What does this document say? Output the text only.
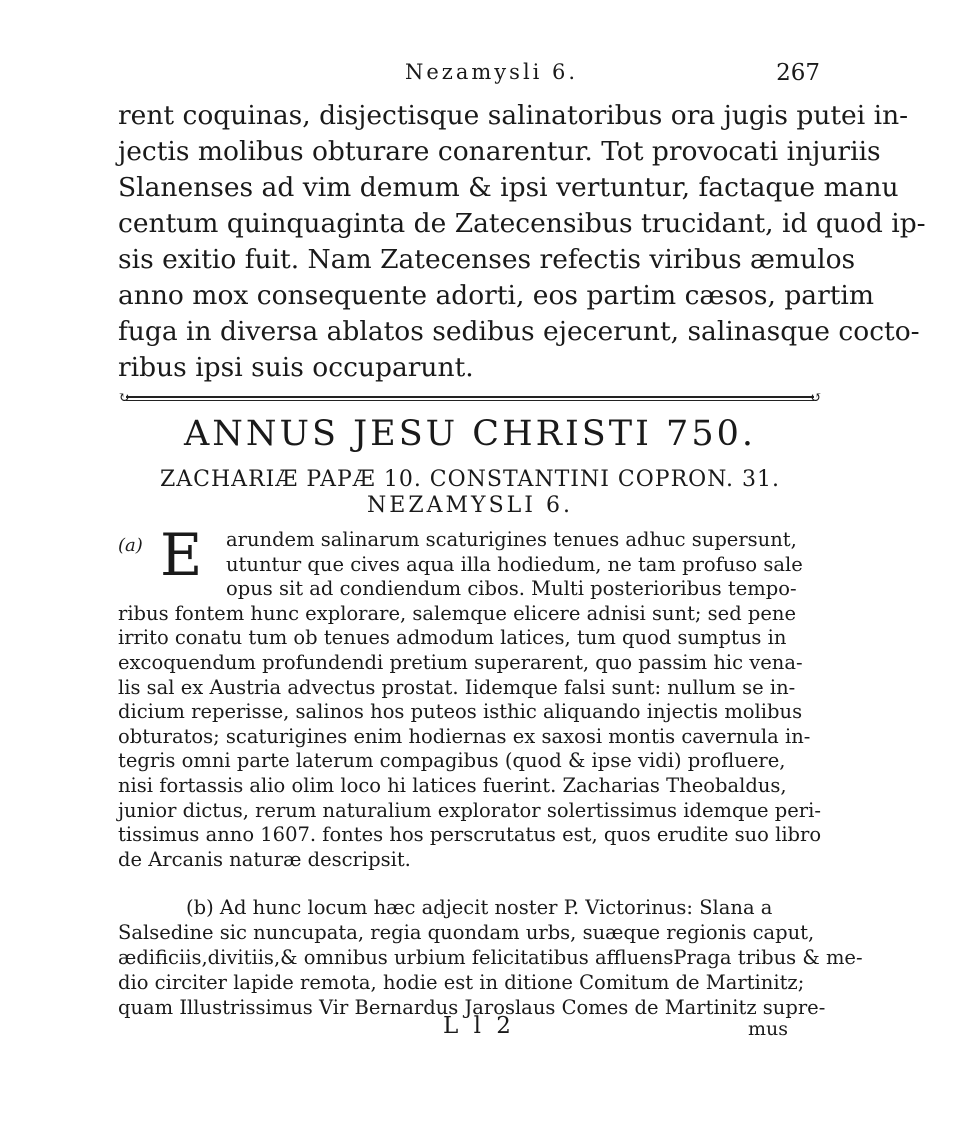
Nezamysli 6.	267

rent coquinas, disjectisque salinatoribus ora jugis putei in-
jectis molibus obturare conarentur. Tot provocati injuriis
Slanenses ad vim demum & ipsi vertuntur, factaque manu
centum quinquaginta de Zatecensibus trucidant, id quod ip-
sis exitio fuit. Nam Zatecenses refectis viribus æmulos
anno mox consequente adorti, eos partim cæsos, partim
fuga in diversa ablatos sedibus ejecerunt, salinasque cocto-
ribus ipsi suis occuparunt.

↻	↺
ANNUS JESU CHRISTI 750.
ZACHARIÆ PAPÆ 10. CONSTANTINI COPRON. 31.
NEZAMYSLI 6.
(a) E	arundem salinarum scaturigines tenues adhuc supersunt,
utuntur que cives aqua illa hodiedum, ne tam profuso sale
opus sit ad condiendum cibos. Multi posterioribus tempo-
ribus fontem hunc explorare, salemque elicere adnisi sunt; sed pene
irrito conatu tum ob tenues admodum latices, tum quod sumptus in
excoquendum profundendi pretium superarent, quo passim hic vena-
lis sal ex Austria advectus prostat. Iidemque falsi sunt: nullum se in-
dicium reperisse, salinos hos puteos isthic aliquando injectis molibus
obturatos; scaturigines enim hodiernas ex saxosi montis cavernula in-
tegris omni parte laterum compagibus (quod & ipse vidi) profluere,
nisi fortassis alio olim loco hi latices fuerint. Zacharias Theobaldus,
junior dictus, rerum naturalium explorator solertissimus idemque peri-
tissimus anno 1607. fontes hos perscrutatus est, quos erudite suo libro
de Arcanis naturæ descripsit.
(b) Ad hunc locum hæc adjecit noster P. Victorinus: Slana a
Salsedine sic nuncupata, regia quondam urbs, suæque regionis caput,
ædificiis,divitiis,& omnibus urbium felicitatibus affluensPraga tribus & me-
dio circiter lapide remota, hodie est in ditione Comitum de Martinitz;
quam Illustrissimus Vir Bernardus Jaroslaus Comes de Martinitz supre-
L l 2	mus
